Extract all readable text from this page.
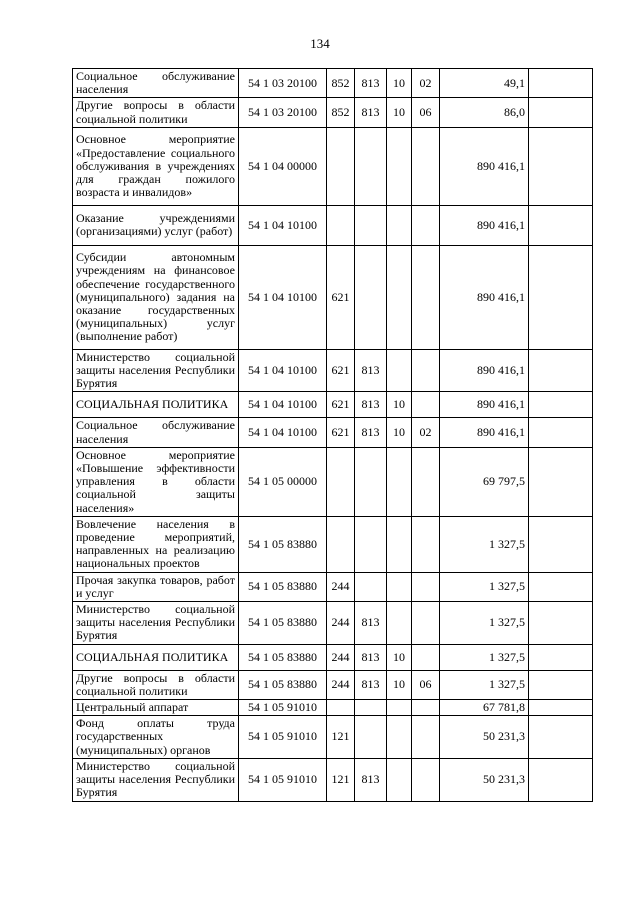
134
Социальное обслуживание населения	54 1 03 20100	852	813	10	02	49,1	
Другие вопросы в области социальной политики	54 1 03 20100	852	813	10	06	86,0	
Основное мероприятие «Предоставление социального обслуживания в учреждениях для граждан пожилого возраста и инвалидов»	54 1 04 00000					890 416,1	
Оказание учреждениями (организациями) услуг (работ)	54 1 04 10100					890 416,1	
Субсидии автономным учреждениям на финансовое обеспечение государственного (муниципального) задания на оказание государственных (муниципальных) услуг (выполнение работ)	54 1 04 10100	621				890 416,1	
Министерство социальной защиты населения Республики Бурятия	54 1 04 10100	621	813			890 416,1	
СОЦИАЛЬНАЯ ПОЛИТИКА	54 1 04 10100	621	813	10		890 416,1	
Социальное обслуживание населения	54 1 04 10100	621	813	10	02	890 416,1	
Основное мероприятие «Повышение эффективности управления в области социальной защиты населения»	54 1 05 00000					69 797,5	
Вовлечение населения в проведение мероприятий, направленных на реализацию национальных проектов	54 1 05 83880					1 327,5	
Прочая закупка товаров, работ и услуг	54 1 05 83880	244				1 327,5	
Министерство социальной защиты населения Республики Бурятия	54 1 05 83880	244	813			1 327,5	
СОЦИАЛЬНАЯ ПОЛИТИКА	54 1 05 83880	244	813	10		1 327,5	
Другие вопросы в области социальной политики	54 1 05 83880	244	813	10	06	1 327,5	
Центральный аппарат	54 1 05 91010					67 781,8	
Фонд оплаты труда государственных (муниципальных) органов	54 1 05 91010	121				50 231,3	
Министерство социальной защиты населения Республики Бурятия	54 1 05 91010	121	813			50 231,3	
